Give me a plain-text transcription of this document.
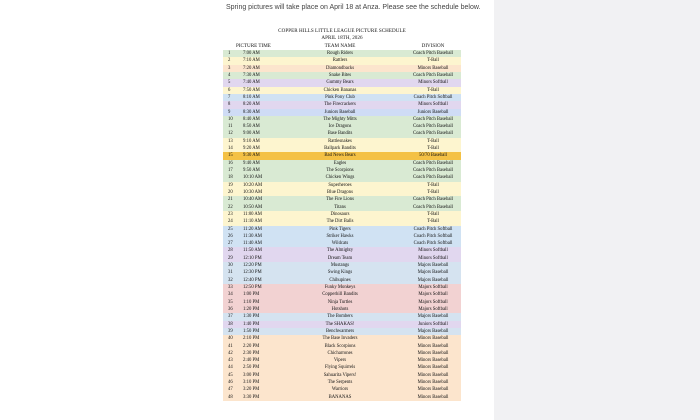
Spring pictures will take place on April 18 at Anza. Please see the schedule below.
COPPER HILLS LITTLE LEAGUE PICTURE SCHEDULE
APRIL 18TH, 2026
PICTURE TIME	TEAM NAME	DIVISION
1	7:00 AM	Rough Riders	Coach Pitch Baseball
2	7:10 AM	Rattlers	T-Ball
3	7:20 AM	Diamondbacks	Minors Baseball
4	7:30 AM	Snake Bites	Coach Pitch Baseball
5	7:40 AM	Gummy Bears	Minors Softball
6	7:50 AM	Chicken Bananas	T-Ball
7	8:10 AM	Pink Pony Club	Coach Pitch Softball
8	8:20 AM	The Firecrackers	Minors Softball
9	8:30 AM	Juniors Baseball	Juniors Baseball
10 8:40 AM	The Mighty Mitts	Coach Pitch Baseball
11 8:50 AM	Ice Dragons	Coach Pitch Baseball
12 9:00 AM	Base Bandits	Coach Pitch Baseball
13 9:10 AM	Rattlesnakes	T-Ball
14 9:20 AM	Ballpark Bandits	T-Ball
15 9:30 AM	Bad News Bears	50/70 Baseball
16 9:40 AM	Eagles	Coach Pitch Baseball
17 9:50 AM	The Scorpions	Coach Pitch Baseball
18 10:10 AM	Chicken Wings	Coach Pitch Baseball
19 10:20 AM	Superheroes	T-Ball
20 10:30 AM	Blue Dragons	T-Ball
21 10:40 AM	The Fire Lions	Coach Pitch Baseball
22 10:50 AM	Titans	Coach Pitch Baseball
23 11:00 AM	Dinosaurs	T-Ball
24 11:10 AM	The Dirt Balls	T-Ball
25 11:20 AM	Pink Tigers	Coach Pitch Softball
26 11:30 AM	Striker Hawks	Coach Pitch Softball
27 11:40 AM	Wildcats	Coach Pitch Softball
28 11:50 AM	The Almighty	Minors Softball
29 12:10 PM	Dream Team	Minors Softball
30 12:20 PM	Mustangs	Majors Baseball
31 12:30 PM	Swing Kings	Majors Baseball
32 12:40 PM	Chihupines	Majors Baseball
33 12:50 PM	Funky Monkeys	Majors Softball
34 1:00 PM	Copperhill Bandits	Majors Softball
35 1:10 PM	Ninja Turtles	Majors Softball
36 1:20 PM	Hotshots	Majors Softball
37 1:30 PM	The Bombers	Majors Baseball
38 1:40 PM	The SHAKAS!	Juniors Softball
39 1:50 PM	Benchwarmers	Majors Baseball
40 2:10 PM	The Base Invaders	Minors Baseball
41 2:20 PM	Black Scorpions	Minors Baseball
42 2:30 PM	Chicharrones	Minors Baseball
43 2:40 PM	Vipers	Minors Baseball
44 2:50 PM	Flying Squirrels	Minors Baseball
45 3:00 PM	Sahuarita Vipers!	Minors Baseball
46 3:10 PM	The Serpents	Minors Baseball
47 3:20 PM	Warriors	Minors Baseball
48 3:30 PM	BANANAS	Minors Baseball
